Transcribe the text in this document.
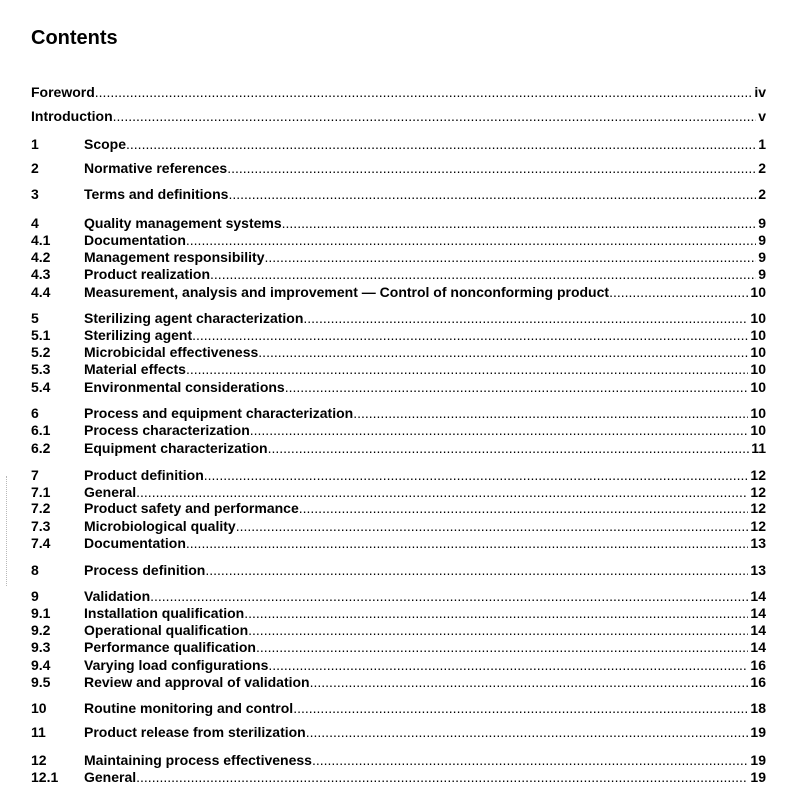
Contents
Foreword .....	iv
Introduction .....	v
1	Scope .....	1
2	Normative references .....	2
3	Terms and definitions .....	2
4	Quality management systems .....	9
4.1	Documentation .....	9
4.2	Management responsibility .....	9
4.3	Product realization .....	9
4.4	Measurement, analysis and improvement — Control of nonconforming product .....	10
5	Sterilizing agent characterization .....	10
5.1	Sterilizing agent .....	10
5.2	Microbicidal effectiveness .....	10
5.3	Material effects .....	10
5.4	Environmental considerations .....	10
6	Process and equipment characterization .....	10
6.1	Process characterization .....	10
6.2	Equipment characterization .....	11
7	Product definition .....	12
7.1	General .....	12
7.2	Product safety and performance .....	12
7.3	Microbiological quality .....	12
7.4	Documentation .....	13
8	Process definition .....	13
9	Validation .....	14
9.1	Installation qualification .....	14
9.2	Operational qualification .....	14
9.3	Performance qualification .....	14
9.4	Varying load configurations .....	16
9.5	Review and approval of validation .....	16
10	Routine monitoring and control .....	18
11	Product release from sterilization .....	19
12	Maintaining process effectiveness .....	19
12.1	General .....	19
